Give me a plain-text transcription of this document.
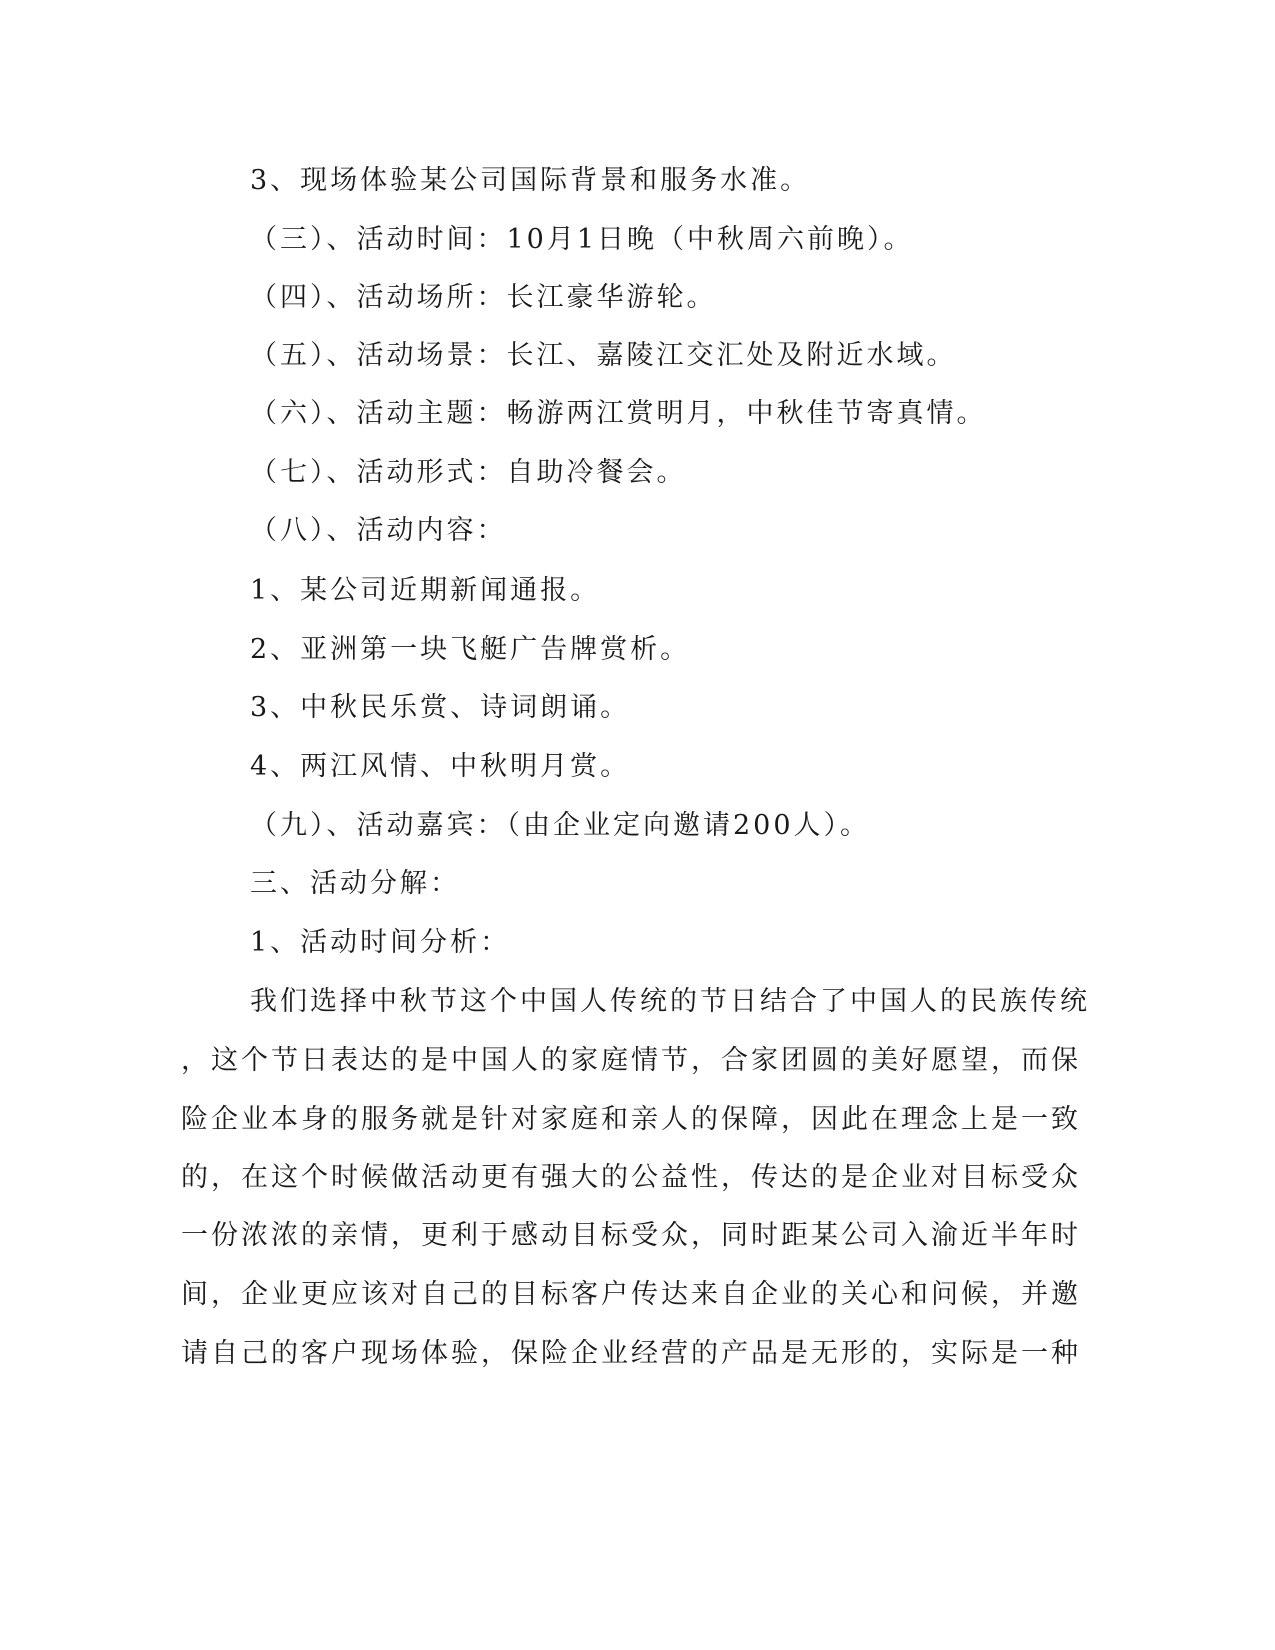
3、现场体验某公司国际背景和服务水准。
（三）、活动时间：10月1日晚（中秋周六前晚）。
（四）、活动场所：长江豪华游轮。
（五）、活动场景：长江、嘉陵江交汇处及附近水域。
（六）、活动主题：畅游两江赏明月，中秋佳节寄真情。
（七）、活动形式：自助冷餐会。
（八）、活动内容：
1、某公司近期新闻通报。
2、亚洲第一块飞艇广告牌赏析。
3、中秋民乐赏、诗词朗诵。
4、两江风情、中秋明月赏。
（九）、活动嘉宾：（由企业定向邀请200人）。
三、活动分解：
1、活动时间分析：
我们选择中秋节这个中国人传统的节日结合了中国人的民族传统
，这个节日表达的是中国人的家庭情节，合家团圆的美好愿望，而保
险企业本身的服务就是针对家庭和亲人的保障，因此在理念上是一致
的，在这个时候做活动更有强大的公益性，传达的是企业对目标受众
一份浓浓的亲情，更利于感动目标受众，同时距某公司入渝近半年时
间，企业更应该对自己的目标客户传达来自企业的关心和问候，并邀
请自己的客户现场体验，保险企业经营的产品是无形的，实际是一种
